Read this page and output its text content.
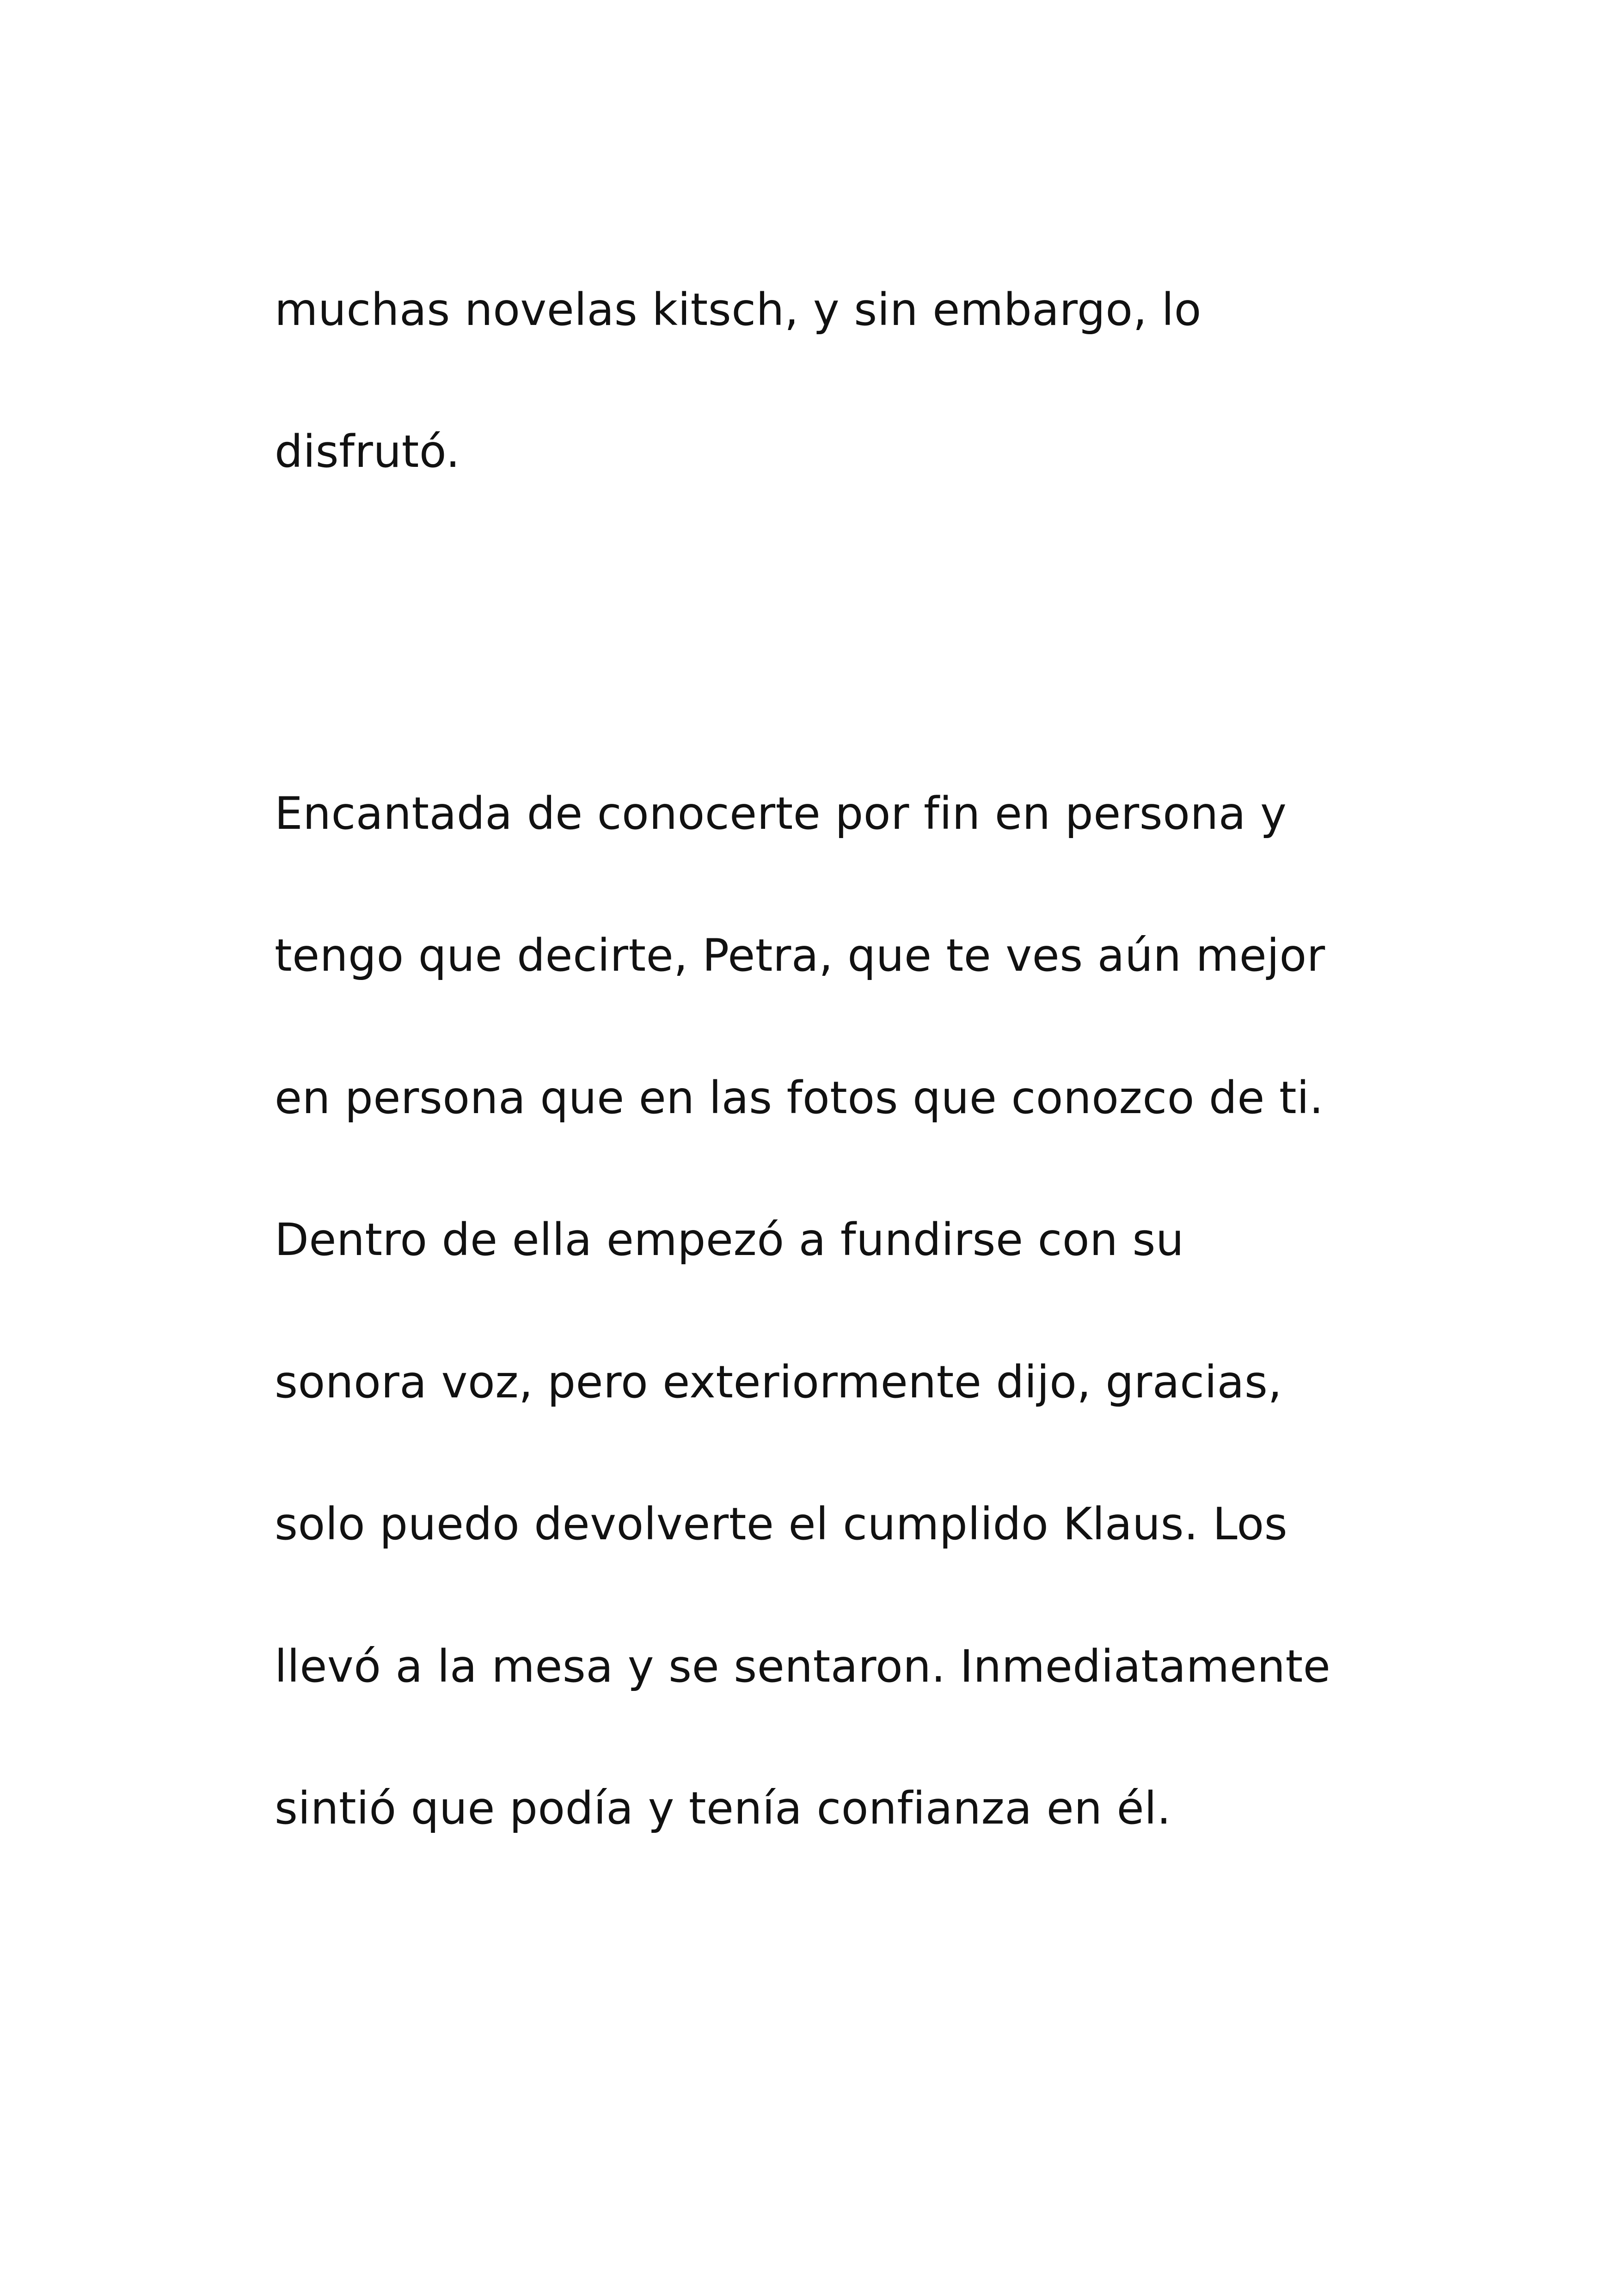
muchas novelas kitsch, y sin embargo, lo

disfrutó.

Encantada de conocerte por fin en persona y

tengo que decirte, Petra, que te ves aún mejor

en persona que en las fotos que conozco de ti.

Dentro de ella empezó a fundirse con su

sonora voz, pero exteriormente dijo, gracias,

solo puedo devolverte el cumplido Klaus. Los

llevó a la mesa y se sentaron. Inmediatamente

sintió que podía y tenía confianza en él.
